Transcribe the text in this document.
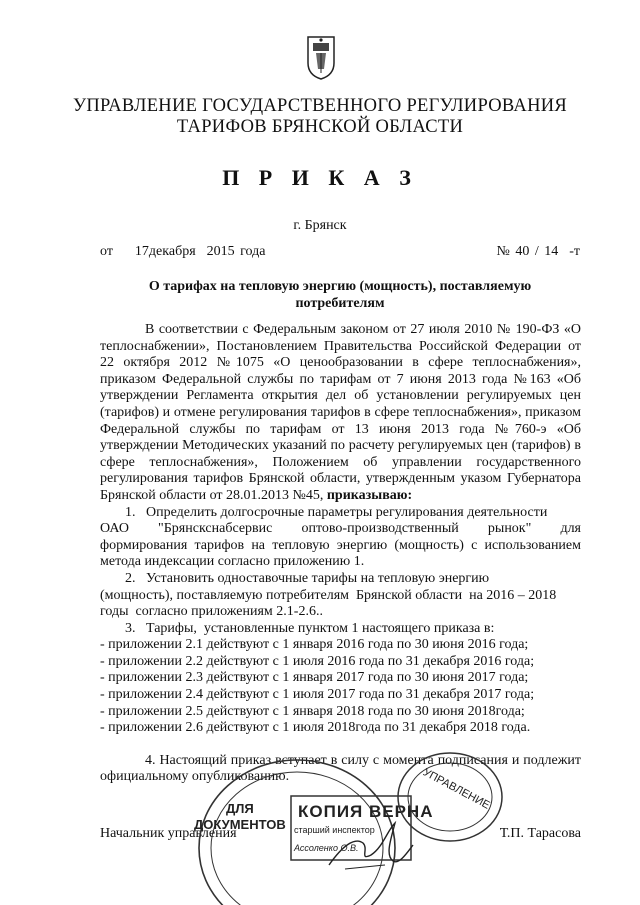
УПРАВЛЕНИЕ ГОСУДАРСТВЕННОГО РЕГУЛИРОВАНИЯ
ТАРИФОВ БРЯНСКОЙ ОБЛАСТИ
П Р И К А З
г. Брянск
от    17декабря  2015 года	№ 40 / 14  -т
О тарифах на тепловую энергию (мощность), поставляемую
потребителям

В соответствии с Федеральным законом от 27 июля 2010 № 190-ФЗ «О теплоснабжении», Постановлением Правительства Российской Федерации от 22 октября 2012 №1075 «О ценообразовании в сфере теплоснабжения», приказом Федеральной службы по тарифам от 7 июня 2013 года №163 «Об утверждении Регламента открытия дел об установлении регулируемых цен (тарифов) и отмене регулирования тарифов в сфере теплоснабжения», приказом Федеральной службы по тарифам от 13 июня 2013 года №760-э «Об утверждении Методических указаний по расчету регулируемых цен (тарифов) в сфере теплоснабжения», Положением об управлении государственного регулирования тарифов Брянской области, утвержденным указом Губернатора Брянской области от 28.01.2013 №45, приказываю:

1.   Определить долгосрочные параметры регулирования деятельности

ОАО "Брянскснабсервис оптово-производственный рынок" для

формирования тарифов на тепловую энергию (мощность) с использованием метода индексации согласно приложению 1.

2.   Установить одноставочные тарифы на тепловую энергию

(мощность), поставляемую потребителям  Брянской области  на 2016 – 2018

годы  согласно приложениям 2.1-2.6..

3.   Тарифы,  установленные пунктом 1 настоящего приказа в:

- приложении 2.1 действуют с 1 января 2016 года по 30 июня 2016 года;

- приложении 2.2 действуют с 1 июля 2016 года по 31 декабря 2016 года;

- приложении 2.3 действуют с 1 января 2017 года по 30 июня 2017 года;

- приложении 2.4 действуют с 1 июля 2017 года по 31 декабря 2017 года;

- приложении 2.5 действуют с 1 января 2018 года по 30 июня 2018года;

- приложении 2.6 действуют с 1 июля 2018года по 31 декабря 2018 года.

4. Настоящий приказ вступает в силу с момента подписания и подлежит официальному опубликованию.

Начальник управления	Т.П. Тарасова
ДЛЯ
ДОКУМЕНТОВ
КОПИЯ ВЕРНА
старший инспектор
Ассоленко О.В.
УПРАВЛЕНИЕ
